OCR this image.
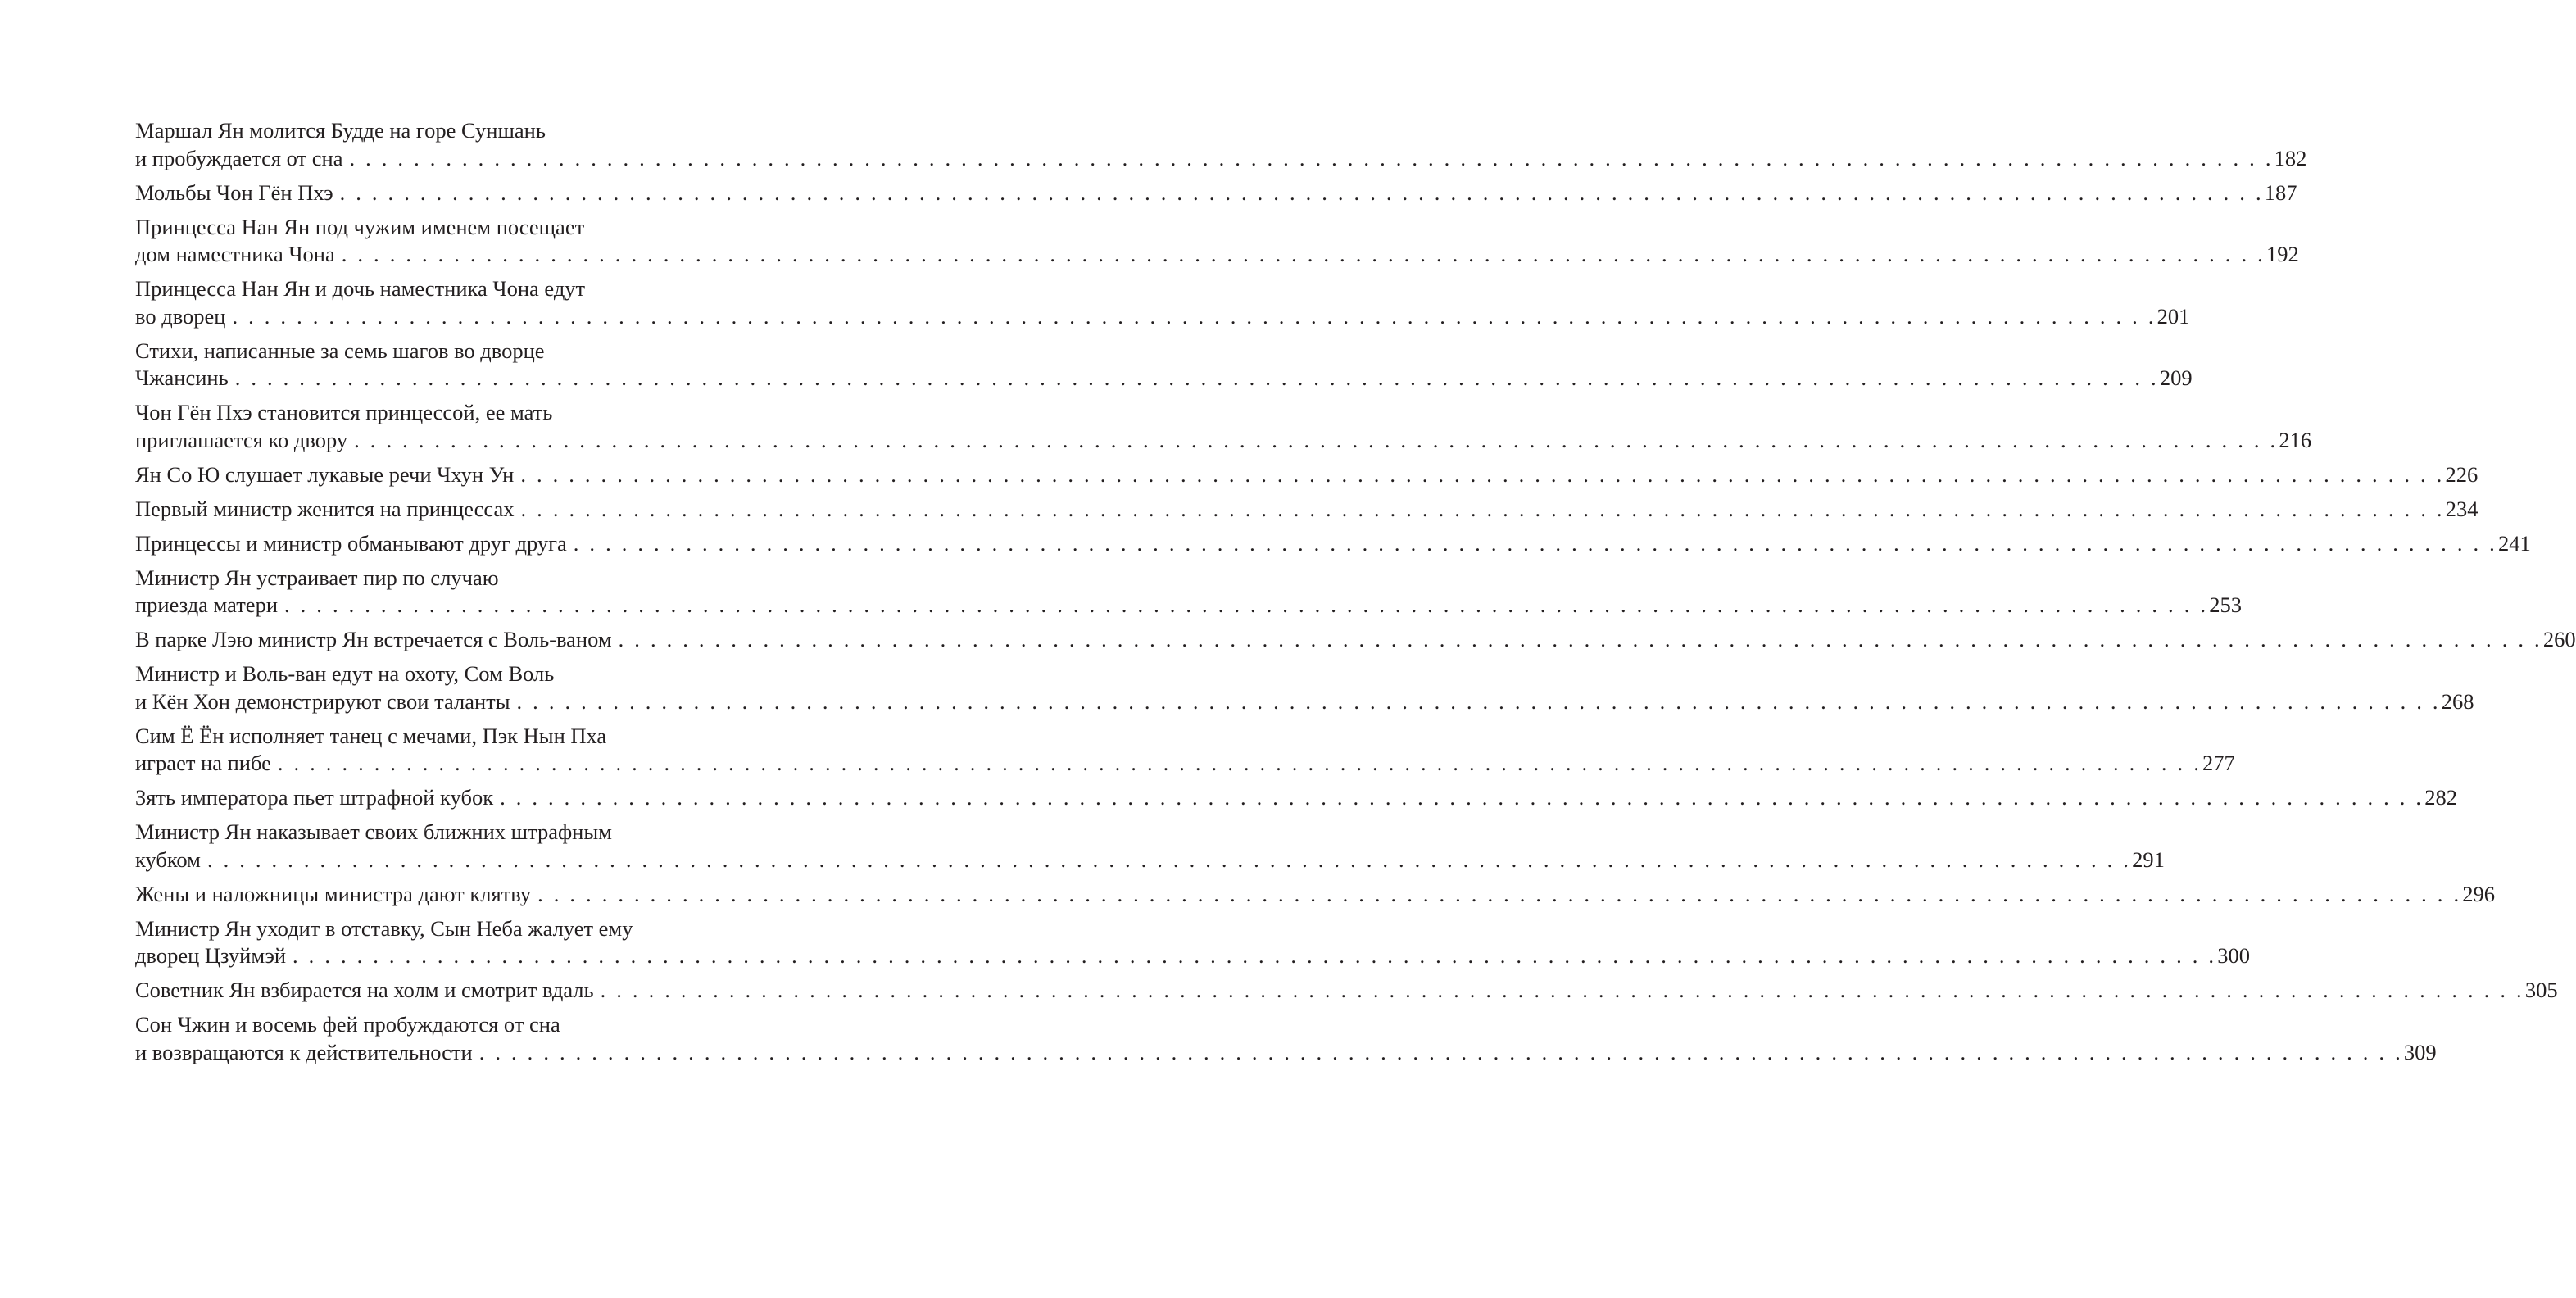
Маршал Ян молится Будде на горе Суншань
и пробуждается от сна . . . . . . . . . . . . . . . . . . . . . . . . . . . . . . . . . . . . . . . . . . . . . . . . . . . . . . . . . . . . . . . . . . . . . . . . . . . . . . . . . . . . . . . . . . . . . . . . . . . . . . . . . . . . . . . . . . . . . . . . 182
Мольбы Чон Гён Пхэ . . . . . . . . . . . . . . . . . . . . . . . . . . . . . . . . . . . . . . . . . . . . . . . . . . . . . . . . . . . . . . . . . . . . . . . . . . . . . . . . . . . . . . . . . . . . . . . . . . . . . . . . . . . . . . . . . . . . . . . . 187
Принцесса Нан Ян под чужим именем посещает
дом наместника Чона . . . . . . . . . . . . . . . . . . . . . . . . . . . . . . . . . . . . . . . . . . . . . . . . . . . . . . . . . . . . . . . . . . . . . . . . . . . . . . . . . . . . . . . . . . . . . . . . . . . . . . . . . . . . . . . . . . . . . . . . 192
Принцесса Нан Ян и дочь наместника Чона едут
во дворец . . . . . . . . . . . . . . . . . . . . . . . . . . . . . . . . . . . . . . . . . . . . . . . . . . . . . . . . . . . . . . . . . . . . . . . . . . . . . . . . . . . . . . . . . . . . . . . . . . . . . . . . . . . . . . . . . . . . . . . . 201
Стихи, написанные за семь шагов во дворце
Чжансинь . . . . . . . . . . . . . . . . . . . . . . . . . . . . . . . . . . . . . . . . . . . . . . . . . . . . . . . . . . . . . . . . . . . . . . . . . . . . . . . . . . . . . . . . . . . . . . . . . . . . . . . . . . . . . . . . . . . . . . . . 209
Чон Гён Пхэ становится принцессой, ее мать
приглашается ко двору . . . . . . . . . . . . . . . . . . . . . . . . . . . . . . . . . . . . . . . . . . . . . . . . . . . . . . . . . . . . . . . . . . . . . . . . . . . . . . . . . . . . . . . . . . . . . . . . . . . . . . . . . . . . . . . . . . . . . . . . 216
Ян Со Ю слушает лукавые речи Чхун Ун . . . . . . . . . . . . . . . . . . . . . . . . . . . . . . . . . . . . . . . . . . . . . . . . . . . . . . . . . . . . . . . . . . . . . . . . . . . . . . . . . . . . . . . . . . . . . . . . . . . . . . . . . . . . . . . . . . . . . . . . 226
Первый министр женится на принцессах . . . . . . . . . . . . . . . . . . . . . . . . . . . . . . . . . . . . . . . . . . . . . . . . . . . . . . . . . . . . . . . . . . . . . . . . . . . . . . . . . . . . . . . . . . . . . . . . . . . . . . . . . . . . . . . . . . . . . . . . 234
Принцессы и министр обманывают друг друга . . . . . . . . . . . . . . . . . . . . . . . . . . . . . . . . . . . . . . . . . . . . . . . . . . . . . . . . . . . . . . . . . . . . . . . . . . . . . . . . . . . . . . . . . . . . . . . . . . . . . . . . . . . . . . . . . . . . . . . . 241
Министр Ян устраивает пир по случаю
приезда матери . . . . . . . . . . . . . . . . . . . . . . . . . . . . . . . . . . . . . . . . . . . . . . . . . . . . . . . . . . . . . . . . . . . . . . . . . . . . . . . . . . . . . . . . . . . . . . . . . . . . . . . . . . . . . . . . . . . . . . . . 253
В парке Лэю министр Ян встречается с Воль-ваном . . . . . . . . . . . . . . . . . . . . . . . . . . . . . . . . . . . . . . . . . . . . . . . . . . . . . . . . . . . . . . . . . . . . . . . . . . . . . . . . . . . . . . . . . . . . . . . . . . . . . . . . . . . . . . . . . . . . . . . . 260
Министр и Воль-ван едут на охоту, Сом Воль
и Кён Хон демонстрируют свои таланты . . . . . . . . . . . . . . . . . . . . . . . . . . . . . . . . . . . . . . . . . . . . . . . . . . . . . . . . . . . . . . . . . . . . . . . . . . . . . . . . . . . . . . . . . . . . . . . . . . . . . . . . . . . . . . . . . . . . . . . . 268
Сим Ё Ён исполняет танец с мечами, Пэк Нын Пха
играет на пибе . . . . . . . . . . . . . . . . . . . . . . . . . . . . . . . . . . . . . . . . . . . . . . . . . . . . . . . . . . . . . . . . . . . . . . . . . . . . . . . . . . . . . . . . . . . . . . . . . . . . . . . . . . . . . . . . . . . . . . . . 277
Зять императора пьет штрафной кубок . . . . . . . . . . . . . . . . . . . . . . . . . . . . . . . . . . . . . . . . . . . . . . . . . . . . . . . . . . . . . . . . . . . . . . . . . . . . . . . . . . . . . . . . . . . . . . . . . . . . . . . . . . . . . . . . . . . . . . . . 282
Министр Ян наказывает своих ближних штрафным
кубком . . . . . . . . . . . . . . . . . . . . . . . . . . . . . . . . . . . . . . . . . . . . . . . . . . . . . . . . . . . . . . . . . . . . . . . . . . . . . . . . . . . . . . . . . . . . . . . . . . . . . . . . . . . . . . . . . . . . . . . . 291
Жены и наложницы министра дают клятву . . . . . . . . . . . . . . . . . . . . . . . . . . . . . . . . . . . . . . . . . . . . . . . . . . . . . . . . . . . . . . . . . . . . . . . . . . . . . . . . . . . . . . . . . . . . . . . . . . . . . . . . . . . . . . . . . . . . . . . . 296
Министр Ян уходит в отставку, Сын Неба жалует ему
дворец Цзуймэй . . . . . . . . . . . . . . . . . . . . . . . . . . . . . . . . . . . . . . . . . . . . . . . . . . . . . . . . . . . . . . . . . . . . . . . . . . . . . . . . . . . . . . . . . . . . . . . . . . . . . . . . . . . . . . . . . . . . . . . . 300
Советник Ян взбирается на холм и смотрит вдаль . . . . . . . . . . . . . . . . . . . . . . . . . . . . . . . . . . . . . . . . . . . . . . . . . . . . . . . . . . . . . . . . . . . . . . . . . . . . . . . . . . . . . . . . . . . . . . . . . . . . . . . . . . . . . . . . . . . . . . . . 305
Сон Чжин и восемь фей пробуждаются от сна
и возвращаются к действительности . . . . . . . . . . . . . . . . . . . . . . . . . . . . . . . . . . . . . . . . . . . . . . . . . . . . . . . . . . . . . . . . . . . . . . . . . . . . . . . . . . . . . . . . . . . . . . . . . . . . . . . . . . . . . . . . . . . . . . . . 309
